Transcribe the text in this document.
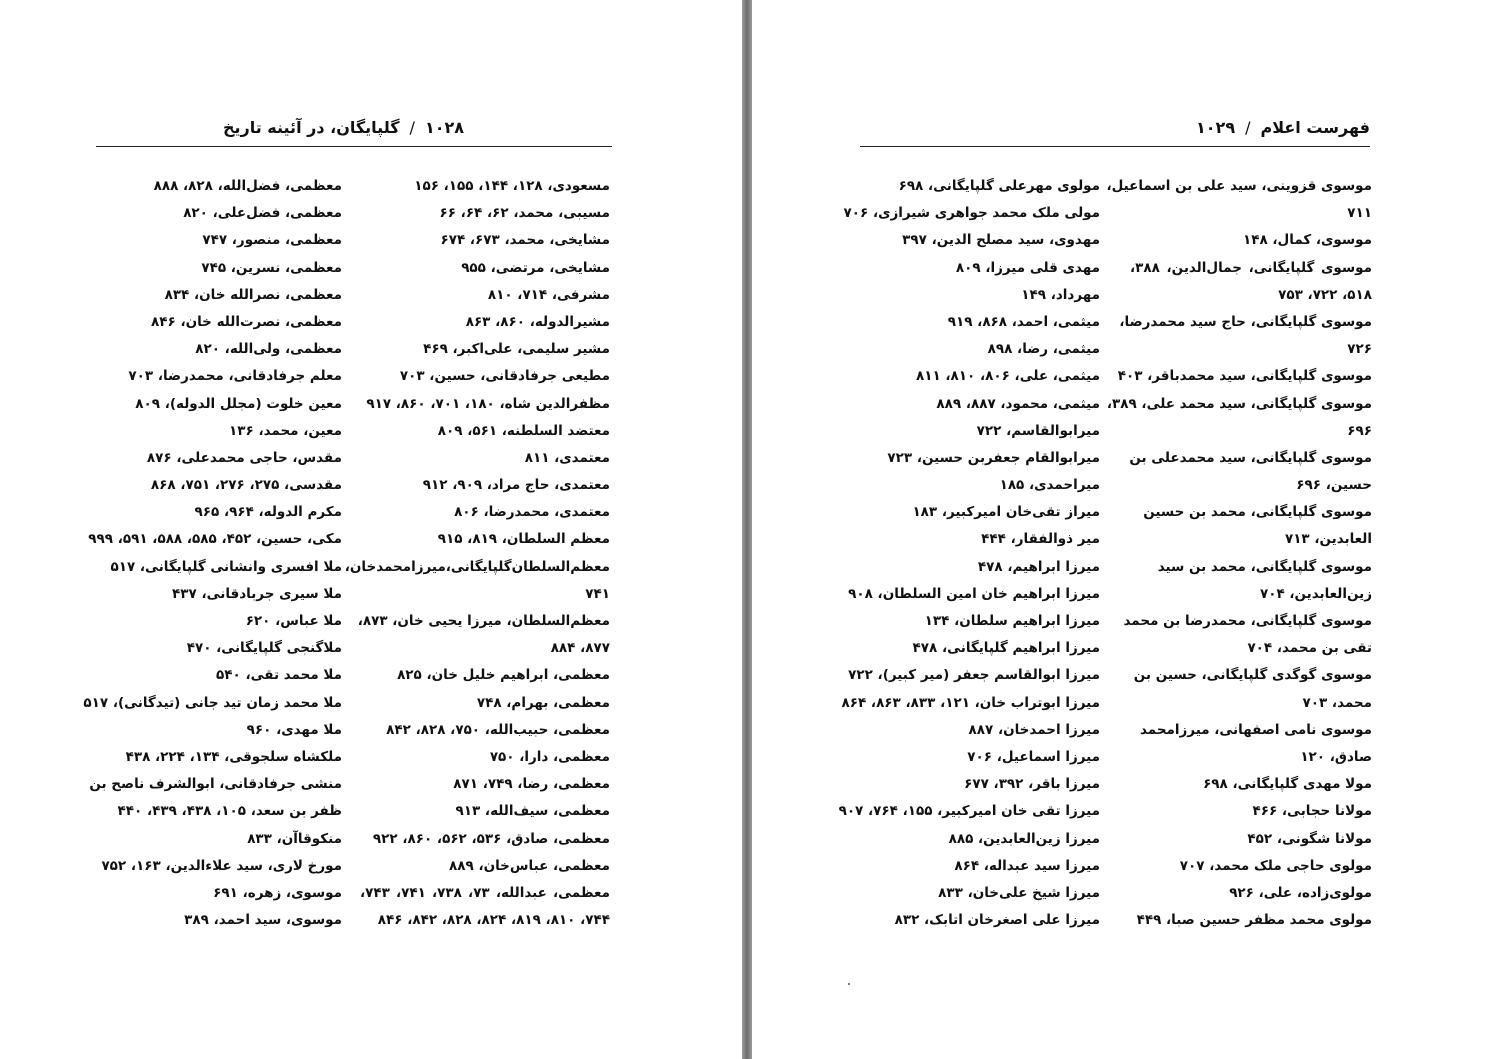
۱۰۲۸
/
گلپایگان، در آئینه تاریخ
مسعودی، ۱۲۸، ۱۴۴، ۱۵۵، ۱۵۶
مسیبی، محمد، ۶۲، ۶۴، ۶۶
مشایخی، محمد، ۶۷۳، ۶۷۴
مشایخی، مرتضی، ۹۵۵
مشرفی، ۷۱۴، ۸۱۰
مشیرالدوله، ۸۶۰، ۸۶۳
مشیر سلیمی، علی‌اکبر، ۴۶۹
مطیعی جرفادقانی، حسین، ۷۰۳
مظفرالدین شاه، ۱۸۰، ۷۰۱، ۸۶۰، ۹۱۷
معتضد السلطنه، ۵۶۱، ۸۰۹
معتمدی، ۸۱۱
معتمدی، حاج مراد، ۹۰۹، ۹۱۲
معتمدی، محمدرضا، ۸۰۶
معظم السلطان، ۸۱۹، ۹۱۵
معظم‌السلطان‌گلپایگانی،میرزامحمدخان،
۷۴۱
معظم‌السلطان، میرزا یحیی خان، ۸۷۳،
۸۷۷، ۸۸۴
معظمی، ابراهیم خلیل خان، ۸۲۵
معظمی، بهرام، ۷۴۸
معظمی، حبیب‌الله، ۷۵۰، ۸۲۸، ۸۴۲
معظمی، دارا، ۷۵۰
معظمی، رضا، ۷۴۹، ۸۷۱
معظمی، سیف‌الله، ۹۱۳
معظمی، صادق، ۵۳۶، ۵۶۲، ۸۶۰، ۹۲۲
معظمی، عباس‌خان، ۸۸۹
معظمی، عبدالله، ۷۳، ۷۳۸، ۷۴۱، ۷۴۳،
۷۴۴، ۸۱۰، ۸۱۹، ۸۲۴، ۸۲۸، ۸۴۲، ۸۴۶
معظمی، فضل‌الله، ۸۲۸، ۸۸۸
معظمی، فضل‌علی، ۸۲۰
معظمی، منصور، ۷۴۷
معظمی، نسرین، ۷۴۵
معظمی، نصرالله خان، ۸۳۴
معظمی، نصرت‌الله خان، ۸۴۶
معظمی، ولی‌الله، ۸۲۰
معلم جرفادقانی، محمدرضا، ۷۰۳
معین خلوت (مجلل الدوله)، ۸۰۹
معین، محمد، ۱۳۶
مقدس، حاجی محمدعلی، ۸۷۶
مقدسی، ۲۷۵، ۲۷۶، ۷۵۱، ۸۶۸
مکرم الدوله، ۹۶۴، ۹۶۵
مکی، حسین، ۴۵۲، ۵۸۵، ۵۸۸، ۵۹۱، ۹۹۹
ملا افسری وانشانی گلپایگانی، ۵۱۷
ملا سیری جربادقانی، ۴۳۷
ملا عباس، ۶۲۰
ملاگنجی گلپایگانی، ۴۷۰
ملا محمد تقی، ۵۴۰
ملا محمد زمان تید جانی (تیدگانی)، ۵۱۷
ملا مهدی، ۹۶۰
ملکشاه سلجوقی، ۱۳۴، ۲۲۴، ۴۳۸
منشی جرفادقانی، ابوالشرف ناصح بن
ظفر بن سعد، ۱۰۵، ۴۳۸، ۴۳۹، ۴۴۰
منکوقاآن، ۸۳۳
مورخ لاری، سید علاءالدین، ۱۶۳، ۷۵۲
موسوی، زهره، ۶۹۱
موسوی، سید احمد، ۳۸۹
فهرست اعلام
/
۱۰۲۹
موسوی قزوینی، سید علی بن اسماعیل،
۷۱۱
موسوی، کمال، ۱۴۸
موسوی گلپایگانی، جمال‌الدین، ۳۸۸،
۵۱۸، ۷۲۲، ۷۵۳
موسوی گلپایگانی، حاج سید محمدرضا،
۷۲۶
موسوی گلپایگانی، سید محمدباقر، ۴۰۳
موسوی گلپایگانی، سید محمد علی، ۳۸۹،
۶۹۶
موسوی گلپایگانی، سید محمدعلی بن
حسین، ۶۹۶
موسوی گلپایگانی، محمد بن حسین
العابدین، ۷۱۳
موسوی گلپایگانی، محمد بن سید
زین‌العابدین، ۷۰۴
موسوی گلپایگانی، محمدرضا بن محمد
تقی بن محمد، ۷۰۴
موسوی گوگدی گلپایگانی، حسین بن
محمد، ۷۰۳
موسوی نامی اصفهانی، میرزامحمد
صادق، ۱۲۰
مولا مهدی گلپایگانی، ۶۹۸
مولانا حجابی، ۴۶۶
مولانا شگونی، ۴۵۲
مولوی حاجی ملک محمد، ۷۰۷
مولوی‌زاده، علی، ۹۲۶
مولوی محمد مظفر حسین صبا، ۴۴۹
مولوی مهرعلی گلپایگانی، ۶۹۸
مولی ملک محمد جواهری شیرازی، ۷۰۶
مهدوی، سید مصلح الدین، ۳۹۷
مهدی قلی میرزا، ۸۰۹
مهرداد، ۱۴۹
میثمی، احمد، ۸۶۸، ۹۱۹
میثمی، رضا، ۸۹۸
میثمی، علی، ۸۰۶، ۸۱۰، ۸۱۱
میثمی، محمود، ۸۸۷، ۸۸۹
میرابوالقاسم، ۷۲۲
میرابوالقام جعفربن حسین، ۷۲۳
میراحمدی، ۱۸۵
میراز تقی‌خان امیرکبیر، ۱۸۳
میر ذوالفقار، ۴۴۴
میرزا ابراهیم، ۴۷۸
میرزا ابراهیم خان امین السلطان، ۹۰۸
میرزا ابراهیم سلطان، ۱۳۴
میرزا ابراهیم گلپایگانی، ۴۷۸
میرزا ابوالقاسم جعفر (میر کبیر)، ۷۲۲
میرزا ابوتراب خان، ۱۲۱، ۸۳۳، ۸۶۳، ۸۶۴
میرزا احمدخان، ۸۸۷
میرزا اسماعیل، ۷۰۶
میرزا باقر، ۳۹۲، ۶۷۷
میرزا تقی خان امیرکبیر، ۱۵۵، ۷۶۴، ۹۰۷
میرزا زین‌العابدین، ۸۸۵
میرزا سید عبداله، ۸۶۴
میرزا شیخ علی‌خان، ۸۳۳
میرزا علی اصغرخان اتابک، ۸۳۲
